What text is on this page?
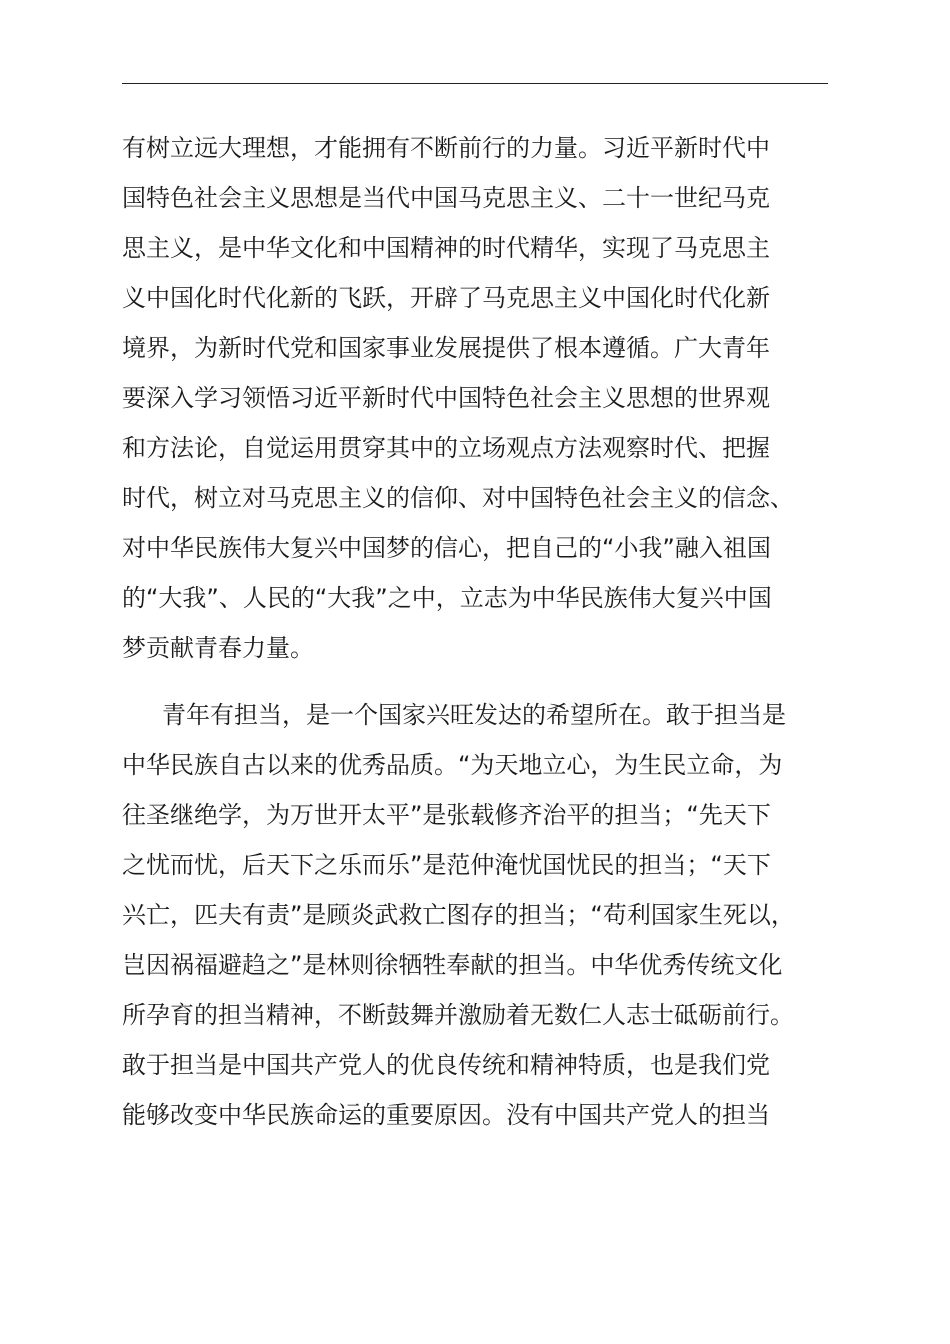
有树立远大理想，才能拥有不断前行的力量。习近平新时代中
国特色社会主义思想是当代中国马克思主义、二十一世纪马克
思主义，是中华文化和中国精神的时代精华，实现了马克思主
义中国化时代化新的飞跃，开辟了马克思主义中国化时代化新
境界，为新时代党和国家事业发展提供了根本遵循。广大青年
要深入学习领悟习近平新时代中国特色社会主义思想的世界观
和方法论，自觉运用贯穿其中的立场观点方法观察时代、把握
时代，树立对马克思主义的信仰、对中国特色社会主义的信念、
对中华民族伟大复兴中国梦的信心，把自己的“小我”融入祖国
的“大我”、人民的“大我”之中，立志为中华民族伟大复兴中国
梦贡献青春力量。
青年有担当，是一个国家兴旺发达的希望所在。敢于担当是
中华民族自古以来的优秀品质。“为天地立心，为生民立命，为
往圣继绝学，为万世开太平”是张载修齐治平的担当；“先天下
之忧而忧，后天下之乐而乐”是范仲淹忧国忧民的担当；“天下
兴亡，匹夫有责”是顾炎武救亡图存的担当；“苟利国家生死以，
岂因祸福避趋之”是林则徐牺牲奉献的担当。中华优秀传统文化
所孕育的担当精神，不断鼓舞并激励着无数仁人志士砥砺前行。
敢于担当是中国共产党人的优良传统和精神特质，也是我们党
能够改变中华民族命运的重要原因。没有中国共产党人的担当
